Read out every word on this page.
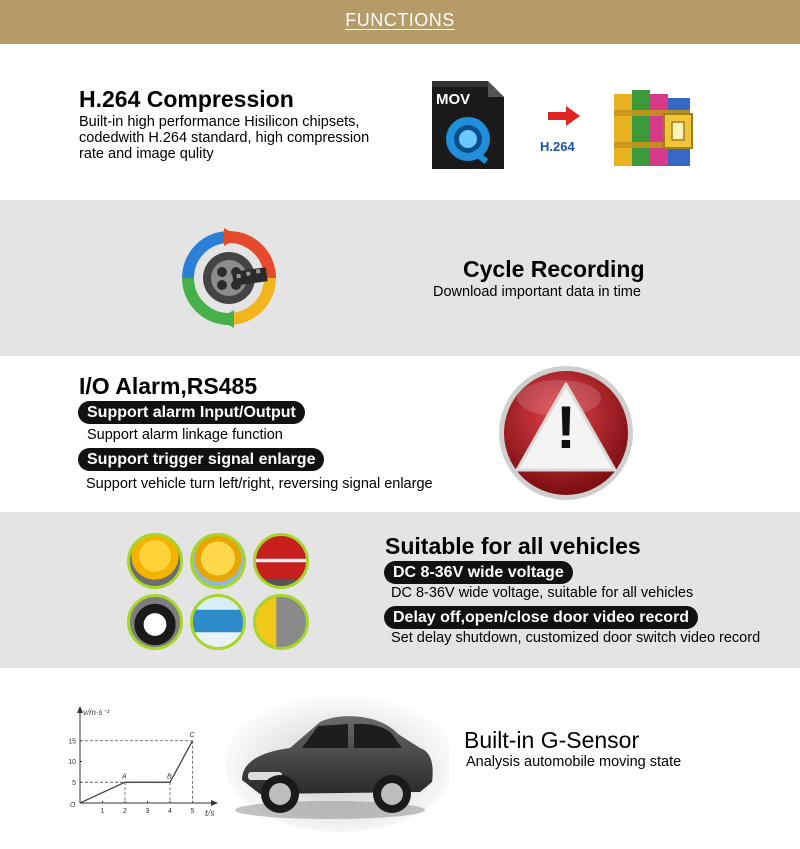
FUNCTIONS
H.264 Compression
Built-in high performance Hisilicon chipsets,
codedwith H.264 standard, high compression
rate and image qulity
MOV
H.264
Cycle Recording
Download important data in time
I/O Alarm,RS485
Support alarm Input/Output
Support alarm linkage function
Support trigger signal enlarge
Support vehicle turn left/right, reversing signal enlarge
!
Suitable for all vehicles
DC 8-36V wide voltage
DC 8-36V wide voltage, suitable for all vehicles
Delay off,open/close door video record
Set delay shutdown, customized door switch video record
v/m·s⁻¹
t/s
1	2	3	4	5
5
10
15
O
A	B
C	Built-in G-Sensor
Analysis automobile moving state
